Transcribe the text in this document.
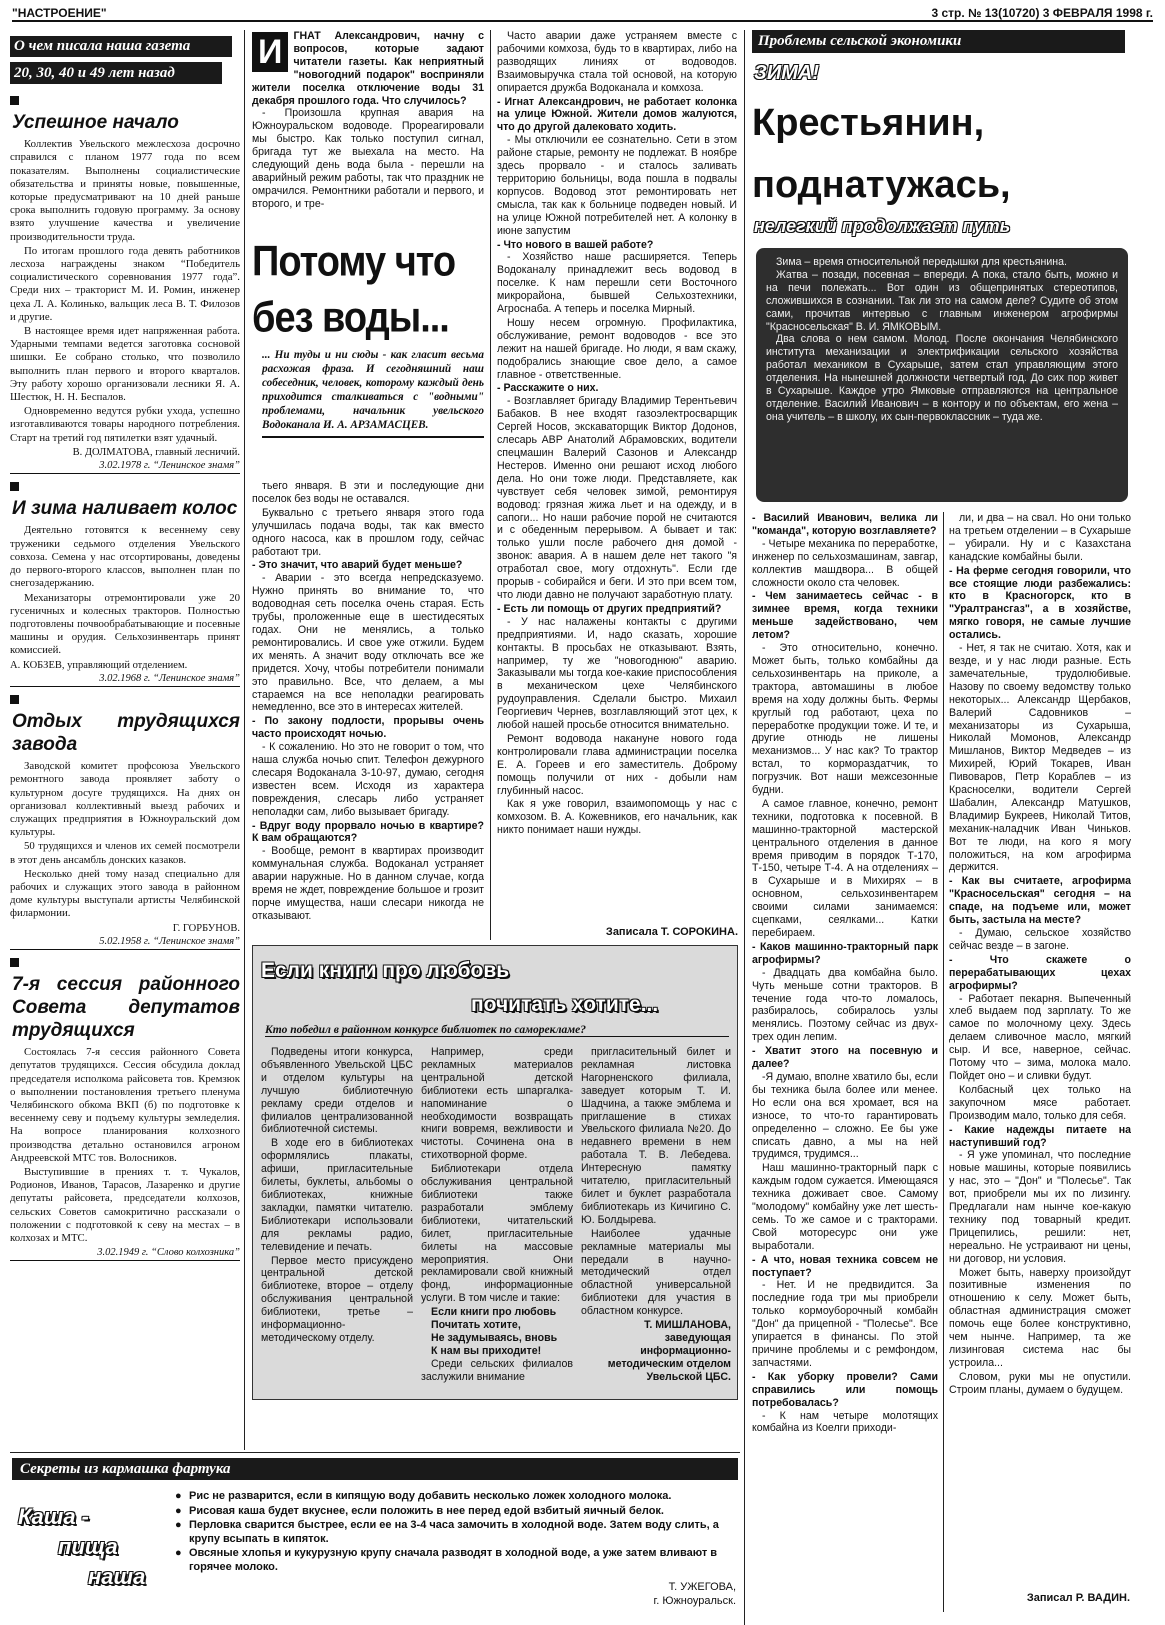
"НАСТРОЕНИЕ"	3 стр. № 13(10720) 3 ФЕВРАЛЯ 1998 г.
О чем писала наша газета
20, 30, 40 и 49 лет назад
Успешное начало

Коллектив Увельского межлесхоза досрочно справился с планом 1977 года по всем показателям. Выполнены социалистические обязательства и приняты новые, повышенные, которые предусматривают на 10 дней раньше срока выполнить годовую программу. За основу взято улучшение качества и увеличение производительности труда.

По итогам прошлого года девять работников лесхоза награждены знаком “Победитель социалистического соревнования 1977 года”. Среди них – тракторист М. И. Ромин, инженер цеха Л. А. Колинько, вальщик леса В. Т. Филозов и другие.

В настоящее время идет напряженная работа. Ударными темпами ведется заготовка сосновой шишки. Ее собрано столько, что позволило выполнить план первого и второго кварталов. Эту работу хорошо организовали лесники Я. А. Шестюк, Н. Н. Беспалов.

Одновременно ведутся рубки ухода, успешно изготавливаются товары народного потребления. Старт на третий год пятилетки взят удачный.

В. ДОЛМАТОВА, главный лесничий.
3.02.1978 г. “Ленинское знамя”
И зима наливает колос

Деятельно готовятся к весеннему севу труженики седьмого отделения Увельского совхоза. Семена у нас отсортированы, доведены до первого-второго классов, выполнен план по снегозадержанию.

Механизаторы отремонтировали уже 20 гусеничных и колесных тракторов. Полностью подготовлены почвообрабатывающие и посевные машины и орудия. Сельхозинвентарь принят комиссией.

А. КОБЗЕВ, управляющий отделением.
3.02.1968 г. “Ленинское знамя”
Отдых трудящихся завода

Заводской комитет профсоюза Увельского ремонтного завода проявляет заботу о культурном досуге трудящихся. На днях он организовал коллективный выезд рабочих и служащих предприятия в Южноуральский дом культуры.

50 трудящихся и членов их семей посмотрели в этот день ансамбль донских казаков.

Несколько дней тому назад специально для рабочих и служащих этого завода в районном доме культуры выступали артисты Челябинской филармонии.

Г. ГОРБУНОВ.
5.02.1958 г. “Ленинское знамя”
7-я сессия районного Совета депутатов трудящихся

Состоялась 7-я сессия районного Совета депутатов трудящихся. Сессия обсудила доклад председателя исполкома райсовета тов. Кремзюк о выполнении постановления третьего пленума Челябинского обкома ВКП (б) по подготовке к весеннему севу и подъему культуры земледелия. На вопросе планирования колхозного производства детально остановился агроном Андреевской МТС тов. Волосников.

Выступившие в прениях т. т. Чукалов, Родионов, Иванов, Тарасов, Лазаренко и другие депутаты райсовета, председатели колхозов, сельских Советов самокритично рассказали о положении с подготовкой к севу на местах – в колхозах и МТС.

3.02.1949 г. “Слово колхозника”
И	ГНАТ Александрович, начну с вопросов, которые задают читатели газеты. Как неприятный "новогодний подарок" восприняли жители поселка отключение воды 31 декабря прошлого года. Что случилось?

- Произошла крупная авария на Южноуральском водоводе. Прореагировали мы быстро. Как только поступил сигнал, бригада тут же выехала на место. На следующий день вода была - перешли на аварийный режим работы, так что праздник не омрачился. Ремонтники работали и первого, и второго, и тре-

Потому что
без воды...
... Ни туды и ни сюды - как гласит весьма расхожая фраза. И сегодняшний наш собеседник, человек, которому каждый день приходится сталкиваться с "водными" проблемами, начальник увельского Водоканала И. А. АРЗАМАСЦЕВ.

тьего января. В эти и последующие дни поселок без воды не оставался.

Буквально с третьего января этого года улучшилась подача воды, так как вместо одного насоса, как в прошлом году, сейчас работают три.

- Это значит, что аварий будет меньше?

- Аварии - это всегда непредсказуемо. Нужно принять во внимание то, что водоводная сеть поселка очень старая. Есть трубы, проложенные еще в шестидесятых годах. Они не менялись, а только ремонтировались. И свое уже отжили. Будем их менять. А значит воду отключать все же придется. Хочу, чтобы потребители понимали это правильно. Все, что делаем, а мы стараемся на все неполадки реагировать немедленно, все это в интересах жителей.

- По закону подлости, прорывы очень часто происходят ночью.

- К сожалению. Но это не говорит о том, что наша служба ночью спит. Телефон дежурного слесаря Водоканала 3-10-97, думаю, сегодня известен всем. Исходя из характера повреждения, слесарь либо устраняет неполадки сам, либо вызывает бригаду.

- Вдруг воду прорвало ночью в квартире? К вам обращаются?

- Вообще, ремонт в квартирах производит коммунальная служба. Водоканал устраняет аварии наружные. Но в данном случае, когда время не ждет, повреждение большое и грозит порче имущества, наши слесари никогда не отказывают.

Часто аварии даже устраняем вместе с рабочими комхоза, будь то в квартирах, либо на разводящих линиях от водоводов. Взаимовыручка стала той основой, на которую опирается дружба Водоканала и комхоза.

- Игнат Александрович, не работает колонка на улице Южной. Жители домов жалуются, что до другой далековато ходить.

- Мы отключили ее сознательно. Сети в этом районе старые, ремонту не подлежат. В ноябре здесь прорвало - и сталось заливать территорию больницы, вода пошла в подвалы корпусов. Водовод этот ремонтировать нет смысла, так как к больнице подведен новый. И на улице Южной потребителей нет. А колонку в июне запустим

- Что нового в вашей работе?

- Хозяйство наше расширяется. Теперь Водоканалу принадлежит весь водовод в поселке. К нам перешли сети Восточного микрорайона, бывшей Сельхозтехники, Агроснаба. А теперь и поселка Мирный.

Ношу несем огромную. Профилактика, обслуживание, ремонт водоводов - все это лежит на нашей бригаде. Но люди, я вам скажу, подобрались знающие свое дело, а самое главное - ответственные.

- Расскажите о них.

- Возглавляет бригаду Владимир Терентьевич Бабаков. В нее входят газоэлектросварщик Сергей Носов, экскаваторщик Виктор Додонов, слесарь АВР Анатолий Абрамовских, водители спецмашин Валерий Сазонов и Александр Нестеров. Именно они решают исход любого дела. Но они тоже люди. Представляете, как чувствует себя человек зимой, ремонтируя водовод: грязная жижа льет и на одежду, и в сапоги... Но наши рабочие порой не считаются и с обеденным перерывом. А бывает и так: только ушли после рабочего дня домой - звонок: авария. А в нашем деле нет такого "я отработал свое, могу отдохнуть". Если где прорыв - собирайся и беги. И это при всем том, что люди давно не получают заработную плату.

- Есть ли помощь от других предприятий?

- У нас налажены контакты с другими предприятиями. И, надо сказать, хорошие контакты. В просьбах не отказывают. Взять, например, ту же "новогоднюю" аварию. Заказывали мы тогда кое-какие приспособления в механическом цехе Челябинского рудоуправления. Сделали быстро. Михаил Георгиевич Чернев, возглавляющий этот цех, к любой нашей просьбе относится внимательно.

Ремонт водовода накануне нового года контролировали глава администрации поселка Е. А. Гореев и его заместитель. Доброму помощь получили от них - добыли нам глубинный насос.

Как я уже говорил, взаимопомощь у нас с комхозом. В. А. Кожевников, его начальник, как никто понимает наши нужды.

Записала Т. СОРОКИНА.
Если книги про любовь
почитать хотите...
Кто победил в районном конкурсе библиотек по саморекламе?

Подведены итоги конкурса, объявленного Увельской ЦБС и отделом культуры на лучшую библиотечную рекламу среди отделов и филиалов централизованной библиотечной системы.

В ходе его в библиотеках оформлялись плакаты, афиши, пригласительные билеты, буклеты, альбомы о библиотеках, книжные закладки, памятки читателю. Библиотекари использовали для рекламы радио, телевидение и печать.

Первое место присуждено центральной детской библиотеке, второе – отделу обслуживания центральной библиотеки, третье – информационно-методическому отделу.

Например, среди рекламных материалов центральной детской библиотеки есть шпаргалка-напоминание о необходимости возвращать книги вовремя, вежливости и чистоты. Сочинена она в стихотворной форме.

Библиотекари отдела обслуживания центральной библиотеки также разработали эмблему библиотеки, читательский билет, пригласительные билеты на массовые мероприятия. Они рекламировали свой книжный фонд, информационные услуги. В том числе и такие:

Если книги про любовь
Почитать хотите,
Не задумываясь, вновь
К нам вы приходите!

Среди сельских филиалов заслужили внимание

пригласительный билет и рекламная листовка Нагорненского филиала, заведует которым Т. И. Шадчина, а также эмблема и приглашение в стихах Увельского филиала №20. До недавнего времени в нем работала Т. В. Лебедева. Интересную памятку читателю, пригласительный билет и буклет разработала библиотекарь из Кичигино С. Ю. Болдырева.

Наиболее удачные рекламные материалы мы передали в научно-методический отдел областной универсальной библиотеки для участия в областном конкурсе.

Т. МИШЛАНОВА, заведующая информационно-методическим отделом Увельской ЦБС.
Проблемы сельской экономики
ЗИМА!
Крестьянин,
поднатужась,
нелегкий продолжает путь

Зима – время относительной передышки для крестьянина.

Жатва – позади, посевная – впереди. А пока, стало быть, можно и на печи полежать... Вот один из общепринятых стереотипов, сложившихся в сознании. Так ли это на самом деле? Судите об этом сами, прочитав интервью с главным инженером агрофирмы "Красносельская" В. И. ЯМКОВЫМ.

Два слова о нем самом. Молод. После окончания Челябинского института механизации и электрификации сельского хозяйства работал механиком в Сухарыше, затем стал управляющим этого отделения. На нынешней должности четвертый год. До сих пор живет в Сухарыше. Каждое утро Ямковые отправляются на центральное отделение. Василий Иванович – в контору и по объектам, его жена – она учитель – в школу, их сын-первоклассник – туда же.

- Василий Иванович, велика ли "команда", которую возглавляете?

- Четыре механика по переработке, инженер по сельхозмашинам, завгар, коллектив машдвора... В общей сложности около ста человек.

- Чем занимаетесь сейчас - в зимнее время, когда техники меньше задействовано, чем летом?

- Это относительно, конечно. Может быть, только комбайны да сельхозинвентарь на приколе, а трактора, автомашины в любое время на ходу должны быть. Фермы круглый год работают, цеха по переработке продукции тоже. И те, и другие отнюдь не лишены механизмов... У нас как? То трактор встал, то кормораздатчик, то погрузчик. Вот наши межсезонные будни.

А самое главное, конечно, ремонт техники, подготовка к посевной. В машинно-тракторной мастерской центрального отделения в данное время приводим в порядок Т-170, Т-150, четыре Т-4. А на отделениях – в Сухарыше и в Михирях – в основном, сельхозинвентарем своими силами занимаемся: сцепками, сеялками... Катки перебираем.

- Каков машинно-тракторный парк агрофирмы?

- Двадцать два комбайна было. Чуть меньше сотни тракторов. В течение года что-то ломалось, разбиралось, собиралось узлы менялись. Поэтому сейчас из двух-трех один лепим.

- Хватит этого на посевную и далее?

-Я думаю, вполне хватило бы, если бы техника была более или менее. Но если она вся хромает, вся на износе, то что-то гарантировать определенно – сложно. Ее бы уже списать давно, а мы на ней трудимся, трудимся...

Наш машинно-тракторный парк с каждым годом сужается. Имеющаяся техника доживает свое. Самому "молодому" комбайну уже лет шесть-семь. То же самое и с тракторами. Свой моторесурс они уже выработали.

- А что, новая техника совсем не поступает?

- Нет. И не предвидится. За последние года три мы приобрели только кормоуборочный комбайн "Дон" да прицепной - "Полесье". Все упирается в финансы. По этой причине проблемы и с ремфондом, запчастями.

- Как уборку провели? Сами справились или помощь потребовалась?

- К нам четыре молотящих комбайна из Коелги приходи-

ли, и два – на свал. Но они только на третьем отделении – в Сухарыше – убирали. Ну и с Казахстана канадские комбайны были.

- На ферме сегодня говорили, что все стоящие люди разбежались: кто в Красногорск, кто в "Уралтрансгаз", а в хозяйстве, мягко говоря, не самые лучшие остались.

- Нет, я так не считаю. Хотя, как и везде, и у нас люди разные. Есть замечательные, трудолюбивые. Назову по своему ведомству только некоторых... Александр Щербаков, Валерий Садовников – механизаторы из Сухарыша, Николай Момонов, Александр Мишланов, Виктор Медведев – из Михирей, Юрий Токарев, Иван Пивоваров, Петр Кораблев – из Красноселки, водители Сергей Шабалин, Александр Матушков, Владимир Букреев, Николай Титов, механик-наладчик Иван Чиньков. Вот те люди, на кого я могу положиться, на ком агрофирма держится.

- Как вы считаете, агрофирма "Красносельская" сегодня – на спаде, на подъеме или, может быть, застыла на месте?

- Думаю, сельское хозяйство сейчас везде – в загоне.

- Что скажете о перерабатывающих цехах агрофирмы?

- Работает пекарня. Выпеченный хлеб выдаем под зарплату. То же самое по молочному цеху. Здесь делаем сливочное масло, мягкий сыр. И все, наверное, сейчас. Потому что – зима, молока мало. Пойдет оно – и сливки будут.

Колбасный цех только на закупочном мясе работает. Производим мало, только для себя.

- Какие надежды питаете на наступивший год?

- Я уже упоминал, что последние новые машины, которые появились у нас, это – "Дон" и "Полесье". Так вот, приобрели мы их по лизингу. Предлагали нам нынче кое-какую технику под товарный кредит. Прицепились, решили: нет, нереально. Не устраивают ни цены, ни договор, ни условия.

Может быть, наверху произойдут позитивные изменения по отношению к селу. Может быть, областная администрация сможет помочь еще более конструктивно, чем нынче. Например, та же лизинговая система нас бы устроила...

Словом, руки мы не опустили. Строим планы, думаем о будущем.

Записал Р. ВАДИН.
Секреты из кармашка фартука
Каша -
пища
наша
● Рис не разварится, если в кипящую воду добавить несколько ложек холодного молока.
● Рисовая каша будет вкуснее, если положить в нее перед едой взбитый яичный белок.
● Перловка сварится быстрее, если ее на 3-4 часа замочить в холодной воде. Затем воду слить, а крупу всыпать в кипяток.
● Овсяные хлопья и кукурузную крупу сначала разводят в холодной воде, а уже затем вливают в горячее молоко.
Т. УЖЕГОВА,
г. Южноуральск.
